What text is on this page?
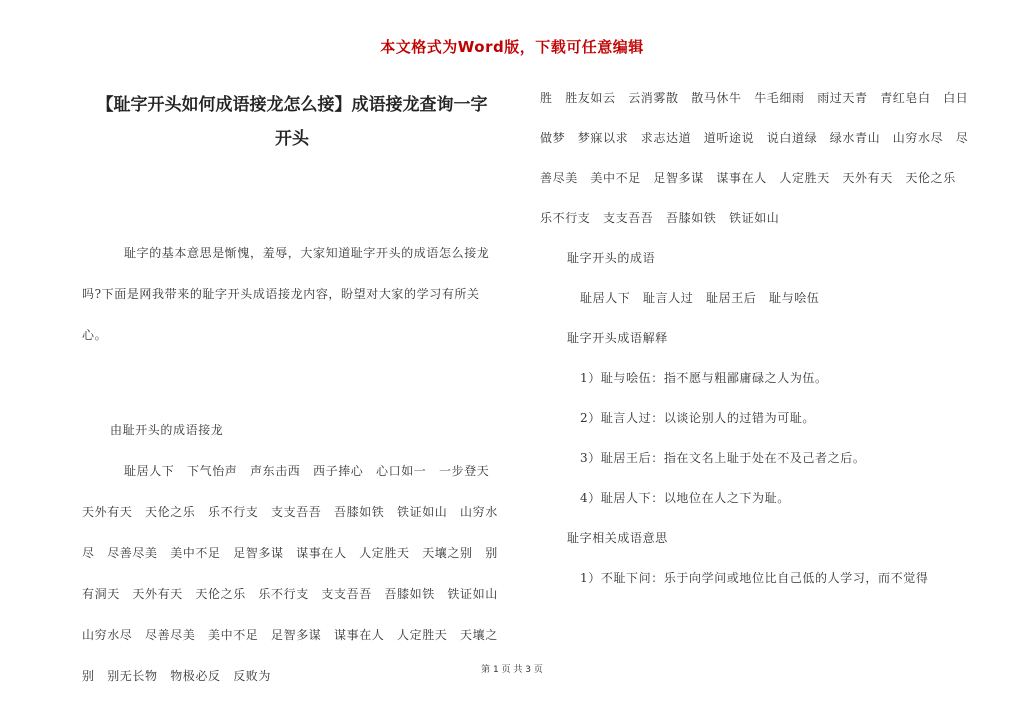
本文格式为Word版，下载可任意编辑

【耻字开头如何成语接龙怎么接】成语接龙查询一字
开头

耻字的基本意思是惭愧，羞辱，大家知道耻字开头的成语怎么接龙吗?下面是网我带来的耻字开头成语接龙内容，盼望对大家的学习有所关心。

由耻开头的成语接龙

耻居人下　下气怡声　声东击西　西子捧心　心口如一　一步登天　天外有天　天伦之乐　乐不行支　支支吾吾　吾膝如铁　铁证如山　山穷水尽　尽善尽美　美中不足　足智多谋　谋事在人　人定胜天　天壤之别　别有洞天　天外有天　天伦之乐　乐不行支　支支吾吾　吾膝如铁　铁证如山　山穷水尽　尽善尽美　美中不足　足智多谋　谋事在人　人定胜天　天壤之别　别无长物　物极必反　反败为

胜　胜友如云　云消雾散　散马休牛　牛毛细雨　雨过天青　青红皂白　白日做梦　梦寐以求　求志达道　道听途说　说白道绿　绿水青山　山穷水尽　尽善尽美　美中不足　足智多谋　谋事在人　人定胜天　天外有天　天伦之乐　乐不行支　支支吾吾　吾膝如铁　铁证如山

耻字开头的成语

耻居人下　耻言人过　耻居王后　耻与哙伍

耻字开头成语解释

1）耻与哙伍：指不愿与粗鄙庸碌之人为伍。

2）耻言人过：以谈论别人的过错为可耻。

3）耻居王后：指在文名上耻于处在不及己者之后。

4）耻居人下：以地位在人之下为耻。

耻字相关成语意思

1）不耻下问：乐于向学问或地位比自己低的人学习，而不觉得

第 1 页 共 3 页
